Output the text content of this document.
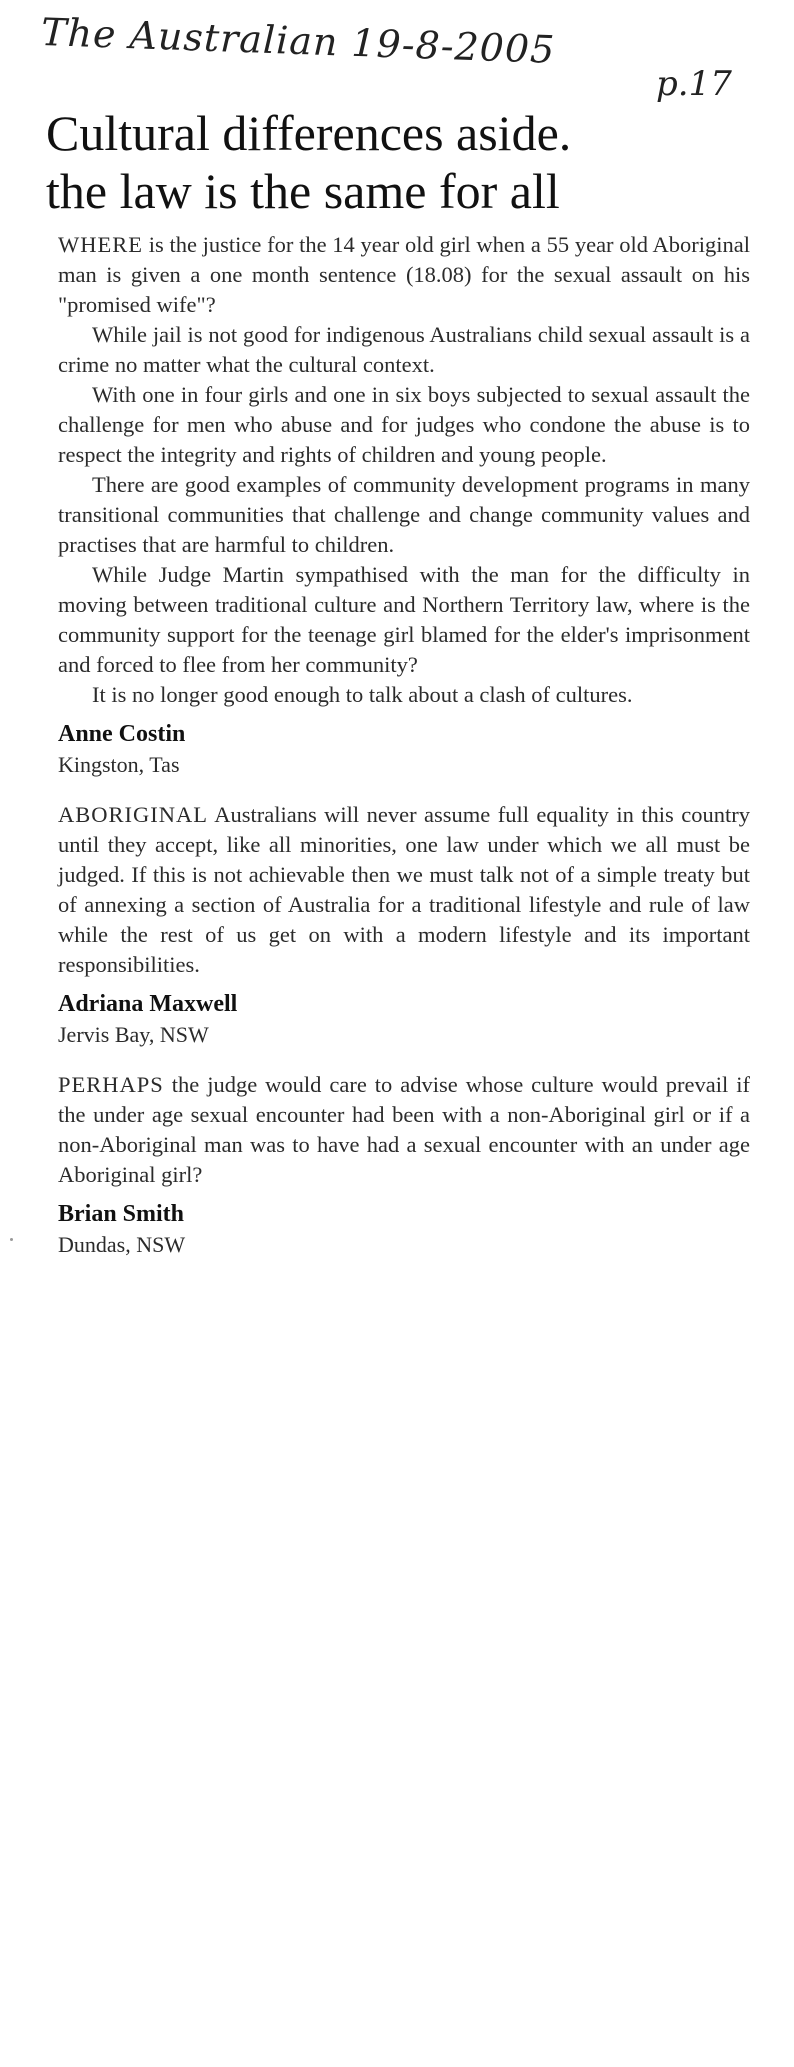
The Australian 19-8-2005
p.17
Cultural differences aside.
the law is the same for all

WHERE is the justice for the 14 year old girl when a 55 year old Aboriginal man is given a one month sentence (18.08) for the sexual assault on his "promised wife"?

While jail is not good for indigenous Australians child sexual assault is a crime no matter what the cultural context.

With one in four girls and one in six boys subjected to sexual assault the challenge for men who abuse and for judges who condone the abuse is to respect the integrity and rights of children and young people.

There are good examples of community development programs in many transitional communities that challenge and change community values and practises that are harmful to children.

While Judge Martin sympathised with the man for the difficulty in moving between traditional culture and Northern Territory law, where is the community support for the teenage girl blamed for the elder's imprisonment and forced to flee from her community?

It is no longer good enough to talk about a clash of cultures.

Anne Costin
Kingston, Tas

ABORIGINAL Australians will never assume full equality in this country until they accept, like all minorities, one law under which we all must be judged. If this is not achievable then we must talk not of a simple treaty but of annexing a section of Australia for a traditional lifestyle and rule of law while the rest of us get on with a modern lifestyle and its important responsibilities.

Adriana Maxwell
Jervis Bay, NSW

PERHAPS the judge would care to advise whose culture would prevail if the under age sexual encounter had been with a non-Aboriginal girl or if a non-Aboriginal man was to have had a sexual encounter with an under age Aboriginal girl?

Brian Smith
Dundas, NSW
